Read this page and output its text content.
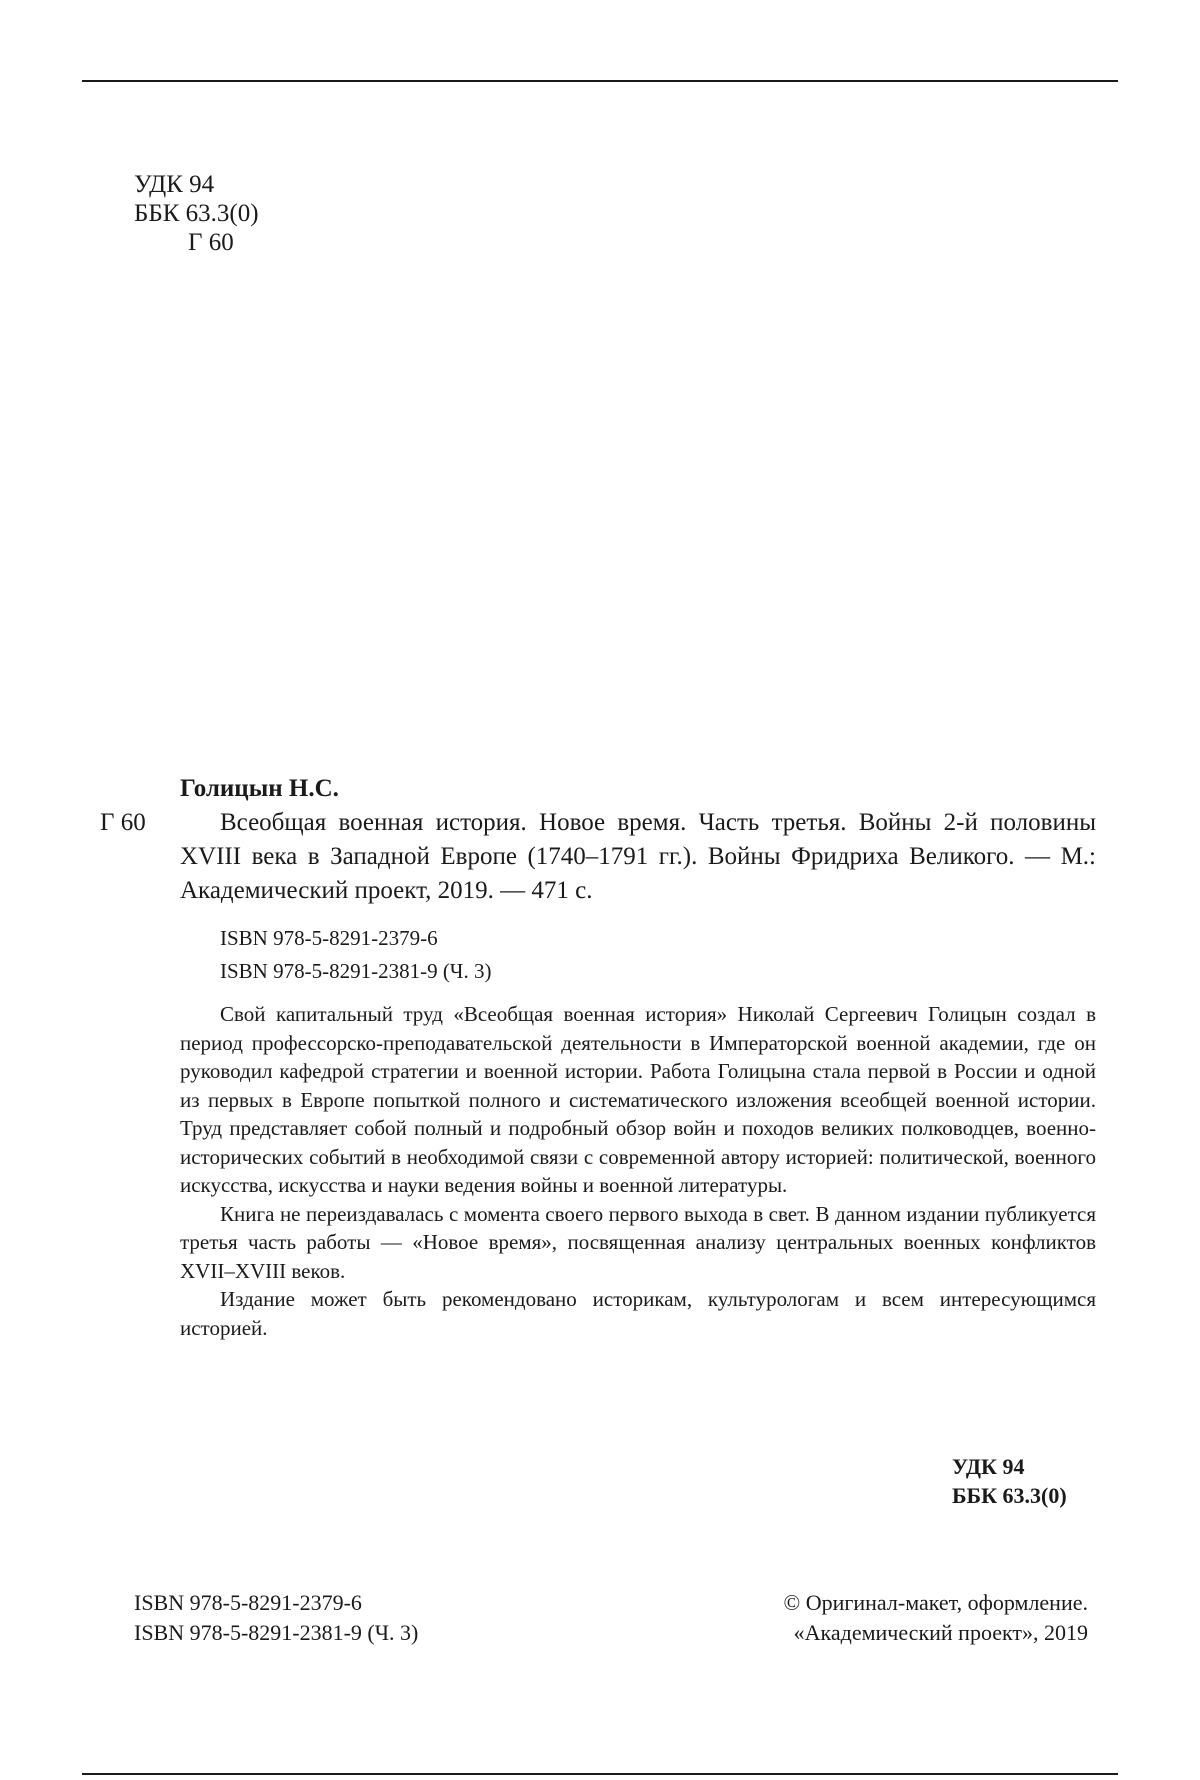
УДК 94
ББК 63.3(0)
Г 60
Г 60
Голицын Н.С.

Всеобщая военная история. Новое время. Часть третья. Войны 2-й половины XVIII века в Западной Европе (1740–1791 гг.). Войны Фридриха Великого. — М.: Академический проект, 2019. — 471 с.

ISBN 978-5-8291-2379-6
ISBN 978-5-8291-2381-9 (Ч. 3)

Свой капитальный труд «Всеобщая военная история» Николай Сергеевич Голицын создал в период профессорско-преподавательской деятельности в Императорской военной академии, где он руководил кафедрой стратегии и военной истории. Работа Голицына стала первой в России и одной из первых в Европе попыткой полного и систематического изложения всеобщей военной истории. Труд представляет собой полный и подробный обзор войн и походов великих полководцев, военно-исторических событий в необходимой связи с современной автору историей: политической, военного искусства, искусства и науки ведения войны и военной литературы.

Книга не переиздавалась с момента своего первого выхода в свет. В данном издании публикуется третья часть работы — «Новое время», посвященная анализу центральных военных конфликтов XVII–XVIII веков.

Издание может быть рекомендовано историкам, культурологам и всем интересующимся историей.

УДК 94
ББК 63.3(0)
ISBN 978-5-8291-2379-6
ISBN 978-5-8291-2381-9 (Ч. 3)
© Оригинал-макет, оформление.
«Академический проект», 2019
